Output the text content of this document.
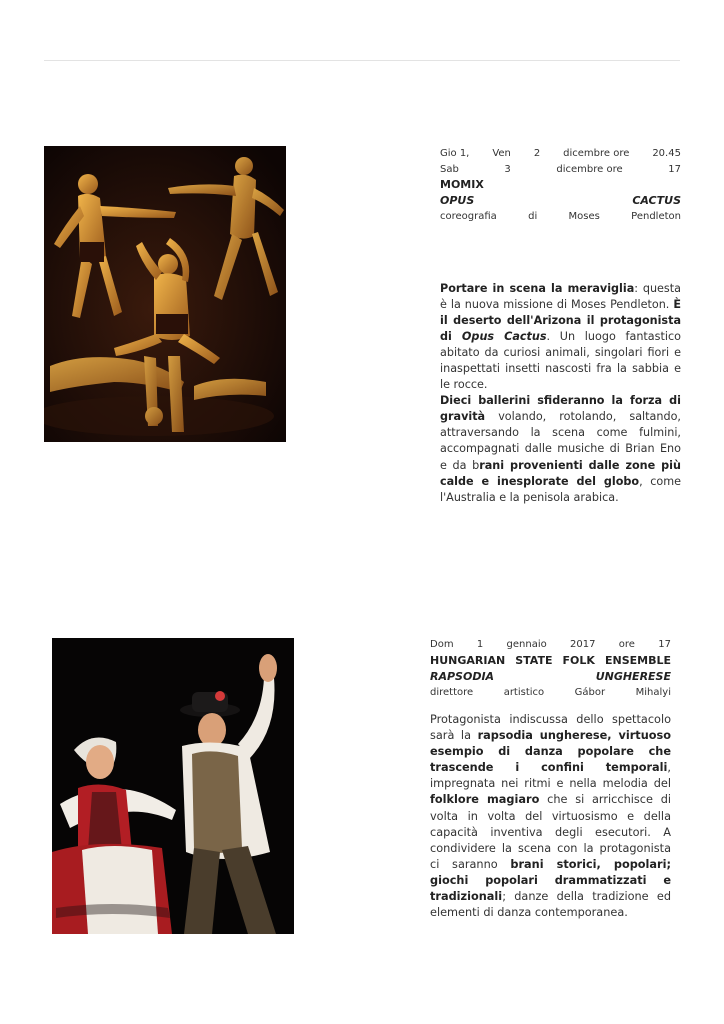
Gio 1, Ven 2 dicembre ore 20.45
Sab	3	dicembre ore	17
MOMIX
OPUS	CACTUS
coreografia	di	Moses	Pendleton
Portare in scena la meraviglia: questa è la nuova missione di Moses Pendleton. È il deserto dell'Arizona il protagonista di Opus Cactus. Un luogo fantastico abitato da curiosi animali, singolari fiori e inaspettati insetti nascosti fra la sabbia e le rocce.
Dieci ballerini sfideranno la forza di gravità volando, rotolando, saltando, attraversando la scena come fulmini, accompagnati dalle musiche di Brian Eno e da brani provenienti dalle zone più calde e inesplorate del globo, come l'Australia e la penisola arabica.
Dom 1 gennaio 2017 ore 17
HUNGARIAN STATE FOLK ENSEMBLE
RAPSODIA	UNGHERESE
direttore	artistico	Gábor	Mihalyi
Protagonista indiscussa dello spettacolo sarà la rapsodia ungherese, virtuoso esempio di danza popolare che trascende i confini temporali, impregnata nei ritmi e nella melodia del folklore magiaro che si arricchisce di volta in volta del virtuosismo e della capacità inventiva degli esecutori. A condividere la scena con la protagonista ci saranno brani storici, popolari; giochi popolari drammatizzati e tradizionali; danze della tradizione ed elementi di danza contemporanea.
